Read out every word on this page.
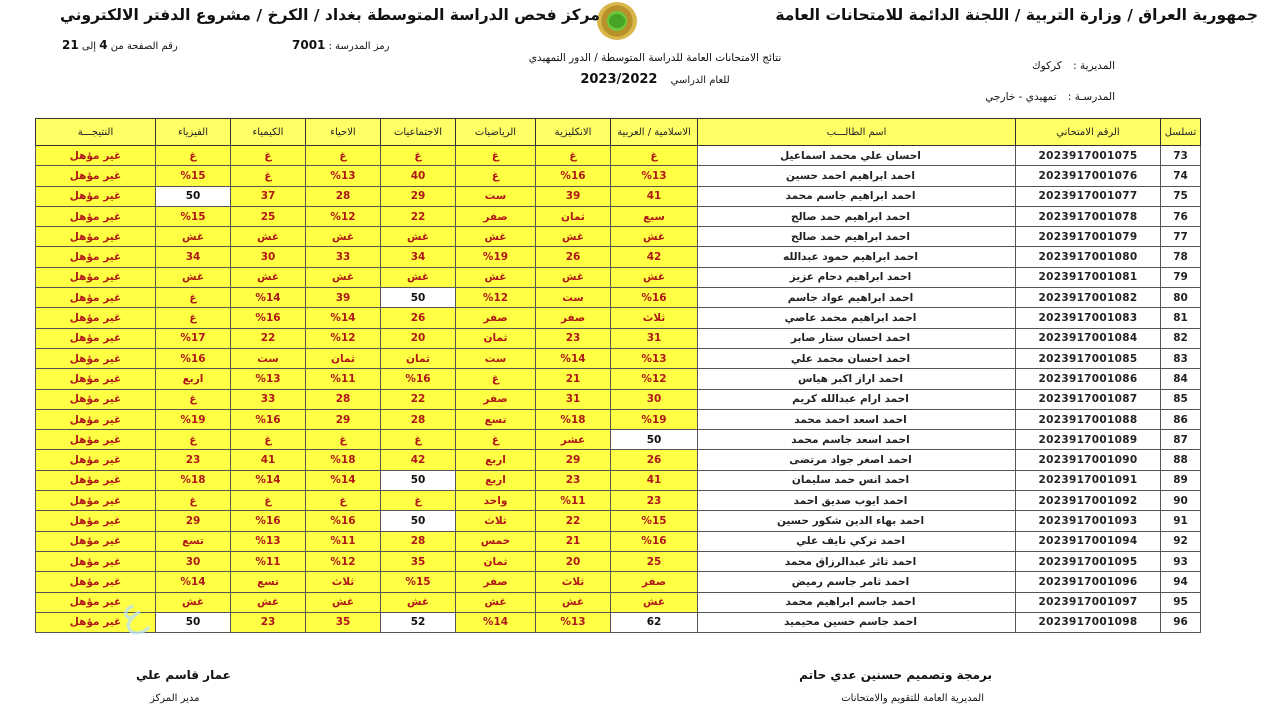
جمهورية العراق / وزارة التربية / اللجنة الدائمة للامتحانات العامة
مركز فحص الدراسة المتوسطة بغداد / الكرخ / مشروع الدفتر الالكتروني
رمز المدرسة : 7001
رقم الصفحة من 4 إلى 21
نتائج الامتحانات العامة للدراسة المتوسطة / الدور التمهيدي
للعام الدراسي 2023/2022
المديرية : كركوك
المدرسـة : تمهيدي - خارجي
تسلسل	الرقم الامتحاني	اسم الطالـــب	الاسلامية / العربية	الانكليزية	الرياضيات	الاجتماعيات	الاحياء	الكيمياء	الفيزياء	النتيجـــة
73	2023917001075	احسان علي محمد اسماعيل	غ	غ	غ	غ	غ	غ	غ	غير مؤهل
74	2023917001076	احمد ابراهيم احمد حسين	%13	%16	غ	40	%13	غ	%15	غير مؤهل
75	2023917001077	احمد ابراهيم جاسم محمد	41	39	ست	29	28	37	50	غير مؤهل
76	2023917001078	احمد ابراهيم حمد صالح	سبع	ثمان	صفر	22	%12	25	%15	غير مؤهل
77	2023917001079	احمد ابراهيم حمد صالح	غش	غش	غش	غش	غش	غش	غش	غير مؤهل
78	2023917001080	احمد ابراهيم حمود عبدالله	42	26	%19	34	33	30	34	غير مؤهل
79	2023917001081	احمد ابراهيم دحام عزيز	غش	غش	غش	غش	غش	غش	غش	غير مؤهل
80	2023917001082	احمد ابراهيم عواد جاسم	%16	ست	%12	50	39	%14	غ	غير مؤهل
81	2023917001083	احمد ابراهيم محمد عاصي	ثلاث	صفر	صفر	26	%14	%16	غ	غير مؤهل
82	2023917001084	احمد احسان ستار صابر	31	23	ثمان	20	%12	22	%17	غير مؤهل
83	2023917001085	احمد احسان محمد علي	%13	%14	ست	ثمان	ثمان	ست	%16	غير مؤهل
84	2023917001086	احمد اراز اكبر هياس	%12	21	غ	%16	%11	%13	اربع	غير مؤهل
85	2023917001087	احمد ارام عبدالله كريم	30	31	صفر	22	28	33	غ	غير مؤهل
86	2023917001088	احمد اسعد احمد محمد	%19	%18	تسع	28	29	%16	%19	غير مؤهل
87	2023917001089	احمد اسعد جاسم محمد	50	عشر	غ	غ	غ	غ	غ	غير مؤهل
88	2023917001090	احمد اصغر جواد مرتضى	26	29	اربع	42	%18	41	23	غير مؤهل
89	2023917001091	احمد انس حمد سليمان	41	23	اربع	50	%14	%14	%18	غير مؤهل
90	2023917001092	احمد ايوب صديق احمد	23	%11	واحد	غ	غ	غ	غ	غير مؤهل
91	2023917001093	احمد بهاء الدين شكور حسين	%15	22	ثلاث	50	%16	%16	29	غير مؤهل
92	2023917001094	احمد تركي نايف علي	%16	21	خمس	28	%11	%13	تسع	غير مؤهل
93	2023917001095	احمد ثائر عبدالرزاق محمد	25	20	ثمان	35	%12	%11	30	غير مؤهل
94	2023917001096	احمد ثامر جاسم رميض	صفر	ثلاث	صفر	%15	ثلاث	تسع	%14	غير مؤهل
95	2023917001097	احمد جاسم ابراهيم محمد	غش	غش	غش	غش	غش	غش	غش	غير مؤهل
96	2023917001098	احمد جاسم حسين محيميد	62	%13	%14	52	35	23	50	غير مؤهل
ع
برمجة وتصميم حسنين عدي حاتم
المديرية العامة للتقويم والامتحانات
عمار قاسم علي
مدير المركز
